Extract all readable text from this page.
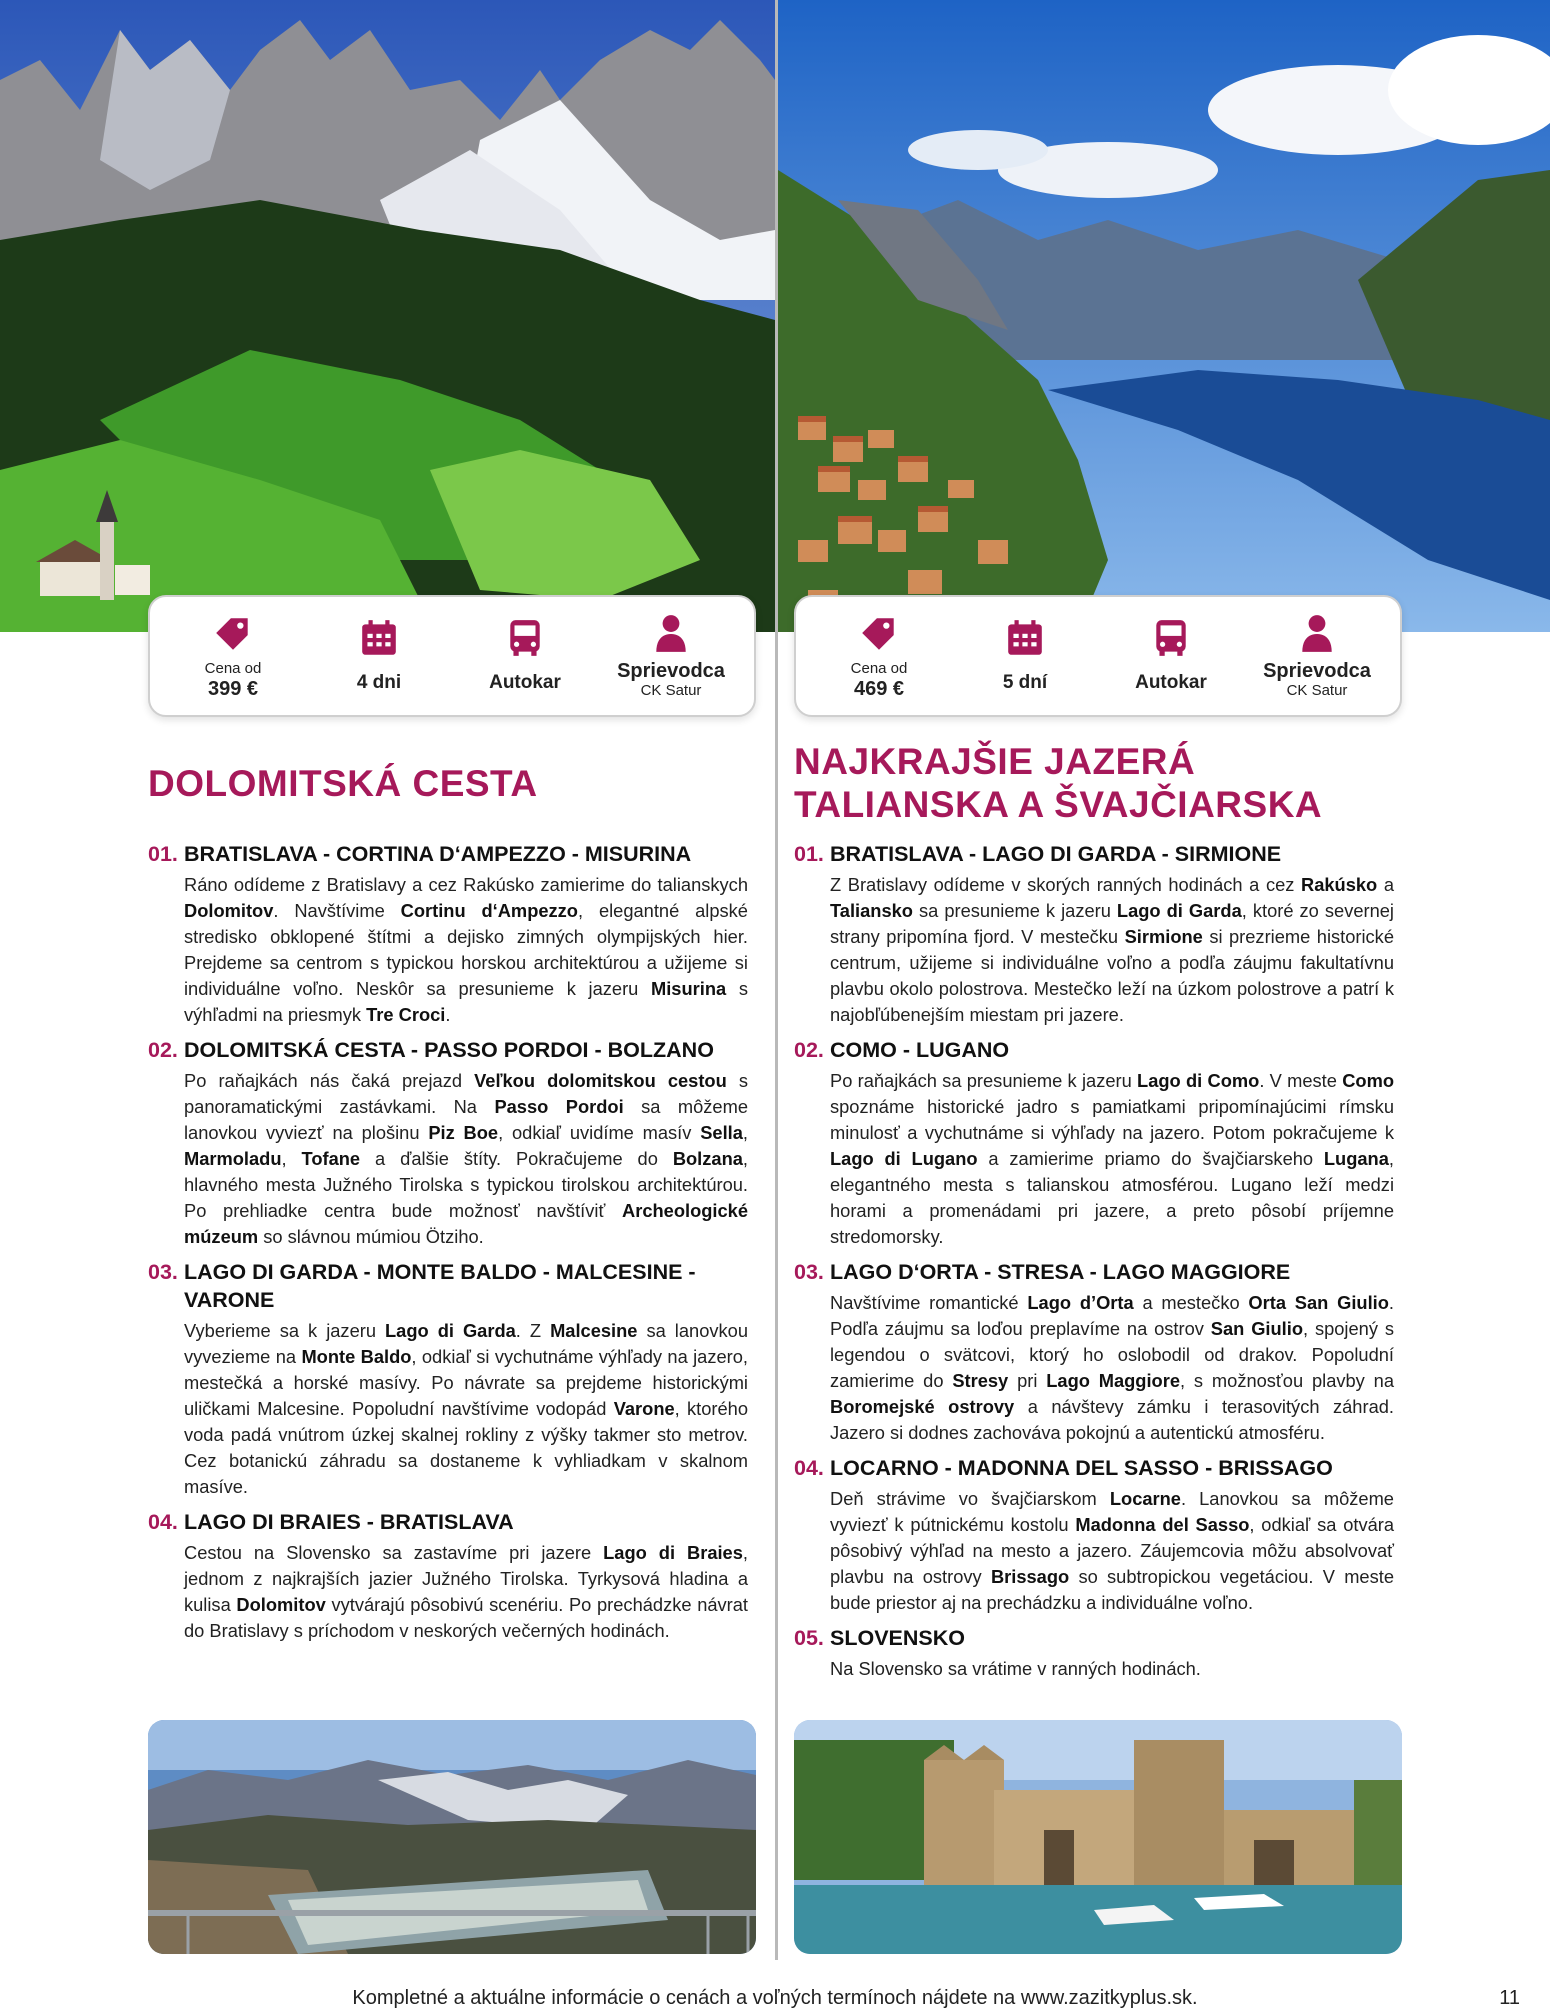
Cena od
399 €	4 dni	Autokar
Sprievodca
CK Satur
DOLOMITSKÁ CESTA
01. BRATISLAVA - CORTINA D‘AMPEZZO - MISURINA
Ráno odídeme z Bratislavy a cez Rakúsko zamierime do talianskych Dolomitov. Navštívime Cortinu d‘Ampezzo, elegantné alpské stredisko obklopené štítmi a dejisko zimných olympijských hier. Prejdeme sa centrom s typickou horskou architektúrou a užijeme si individuálne voľno. Neskôr sa presunieme k jazeru Misurina s výhľadmi na priesmyk Tre Croci.
02. DOLOMITSKÁ CESTA - PASSO PORDOI - BOLZANO
Po raňajkách nás čaká prejazd Veľkou dolomitskou cestou s panoramatickými zastávkami. Na Passo Pordoi sa môžeme lanovkou vyviezť na plošinu Piz Boe, odkiaľ uvidíme masív Sella, Marmoladu, Tofane a ďalšie štíty. Pokračujeme do Bolzana, hlavného mesta Južného Tirolska s typickou tirolskou architektúrou. Po prehliadke centra bude možnosť navštíviť Archeologické múzeum so slávnou múmiou Ötziho.
03. LAGO DI GARDA - MONTE BALDO - MALCESINE - VARONE
Vyberieme sa k jazeru Lago di Garda. Z Malcesine sa lanovkou vyvezieme na Monte Baldo, odkiaľ si vychutnáme výhľady na jazero, mestečká a horské masívy. Po návrate sa prejdeme historickými uličkami Malcesine. Popoludní navštívime vodopád Varone, ktorého voda padá vnútrom úzkej skalnej rokliny z výšky takmer sto metrov. Cez botanickú záhradu sa dostaneme k vyhliadkam v skalnom masíve.
04. LAGO DI BRAIES - BRATISLAVA
Cestou na Slovensko sa zastavíme pri jazere Lago di Braies, jednom z najkrajších jazier Južného Tirolska. Tyrkysová hladina a kulisa Dolomitov vytvárajú pôsobivú scenériu. Po prechádzke návrat do Bratislavy s príchodom v neskorých večerných hodinách.
Cena od
469 €	5 dní	Autokar
Sprievodca
CK Satur
NAJKRAJŠIE JAZERÁ
TALIANSKA A ŠVAJČIARSKA
01. BRATISLAVA - LAGO DI GARDA - SIRMIONE
Z Bratislavy odídeme v skorých ranných hodinách a cez Rakúsko a Taliansko sa presunieme k jazeru Lago di Garda, ktoré zo severnej strany pripomína fjord. V mestečku Sirmione si prezrieme historické centrum, užijeme si individuálne voľno a podľa záujmu fakultatívnu plavbu okolo polostrova. Mestečko leží na úzkom polostrove a patrí k najobľúbenejším miestam pri jazere.
02. COMO - LUGANO
Po raňajkách sa presunieme k jazeru Lago di Como. V meste Como spoznáme historické jadro s pamiatkami pripomínajúcimi rímsku minulosť a vychutnáme si výhľady na jazero. Potom pokračujeme k Lago di Lugano a zamierime priamo do švajčiarskeho Lugana, elegantného mesta s talianskou atmosférou. Lugano leží medzi horami a promenádami pri jazere, a preto pôsobí príjemne stredomorsky.
03. LAGO D‘ORTA - STRESA - LAGO MAGGIORE
Navštívime romantické Lago d’Orta a mestečko Orta San Giulio. Podľa záujmu sa loďou preplavíme na ostrov San Giulio, spojený s legendou o svätcovi, ktorý ho oslobodil od drakov. Popoludní zamierime do Stresy pri Lago Maggiore, s možnosťou plavby na Boromejské ostrovy a návštevy zámku i terasovitých záhrad. Jazero si dodnes zachováva pokojnú a autentickú atmosféru.
04. LOCARNO - MADONNA DEL SASSO - BRISSAGO
Deň strávime vo švajčiarskom Locarne. Lanovkou sa môžeme vyviezť k pútnickému kostolu Madonna del Sasso, odkiaľ sa otvára pôsobivý výhľad na mesto a jazero. Záujemcovia môžu absolvovať plavbu na ostrovy Brissago so subtropickou vegetáciou. V meste bude priestor aj na prechádzku a individuálne voľno.
05. SLOVENSKO
Na Slovensko sa vrátime v ranných hodinách.
Kompletné a aktuálne informácie o cenách a voľných termínoch nájdete na www.zazitkyplus.sk.	11
